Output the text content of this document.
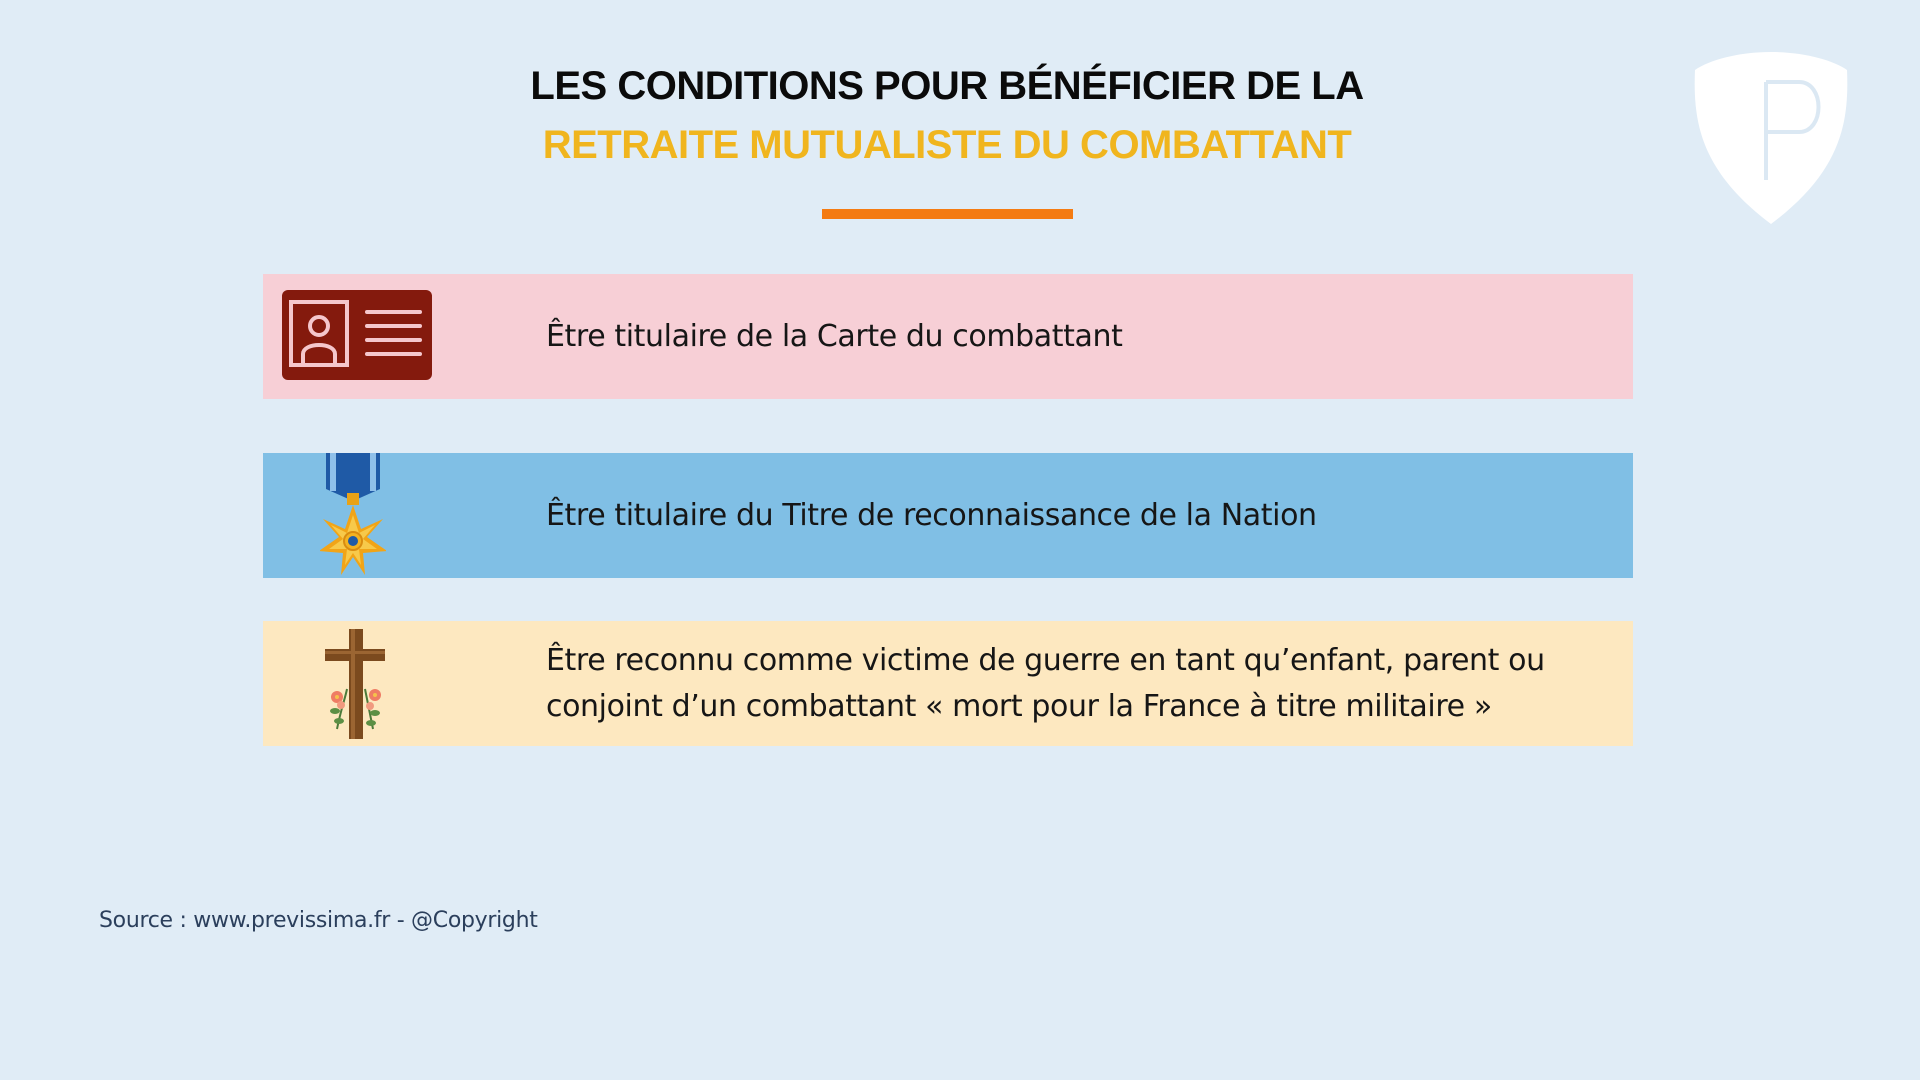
LES CONDITIONS POUR BÉNÉFICIER DE LA
RETRAITE MUTUALISTE DU COMBATTANT
Être titulaire de la Carte du combattant
Être titulaire du Titre de reconnaissance de la Nation
Être reconnu comme victime de guerre en tant qu’enfant, parent ou conjoint d’un combattant « mort pour la France à titre militaire »
Source : www.previssima.fr - @Copyright
